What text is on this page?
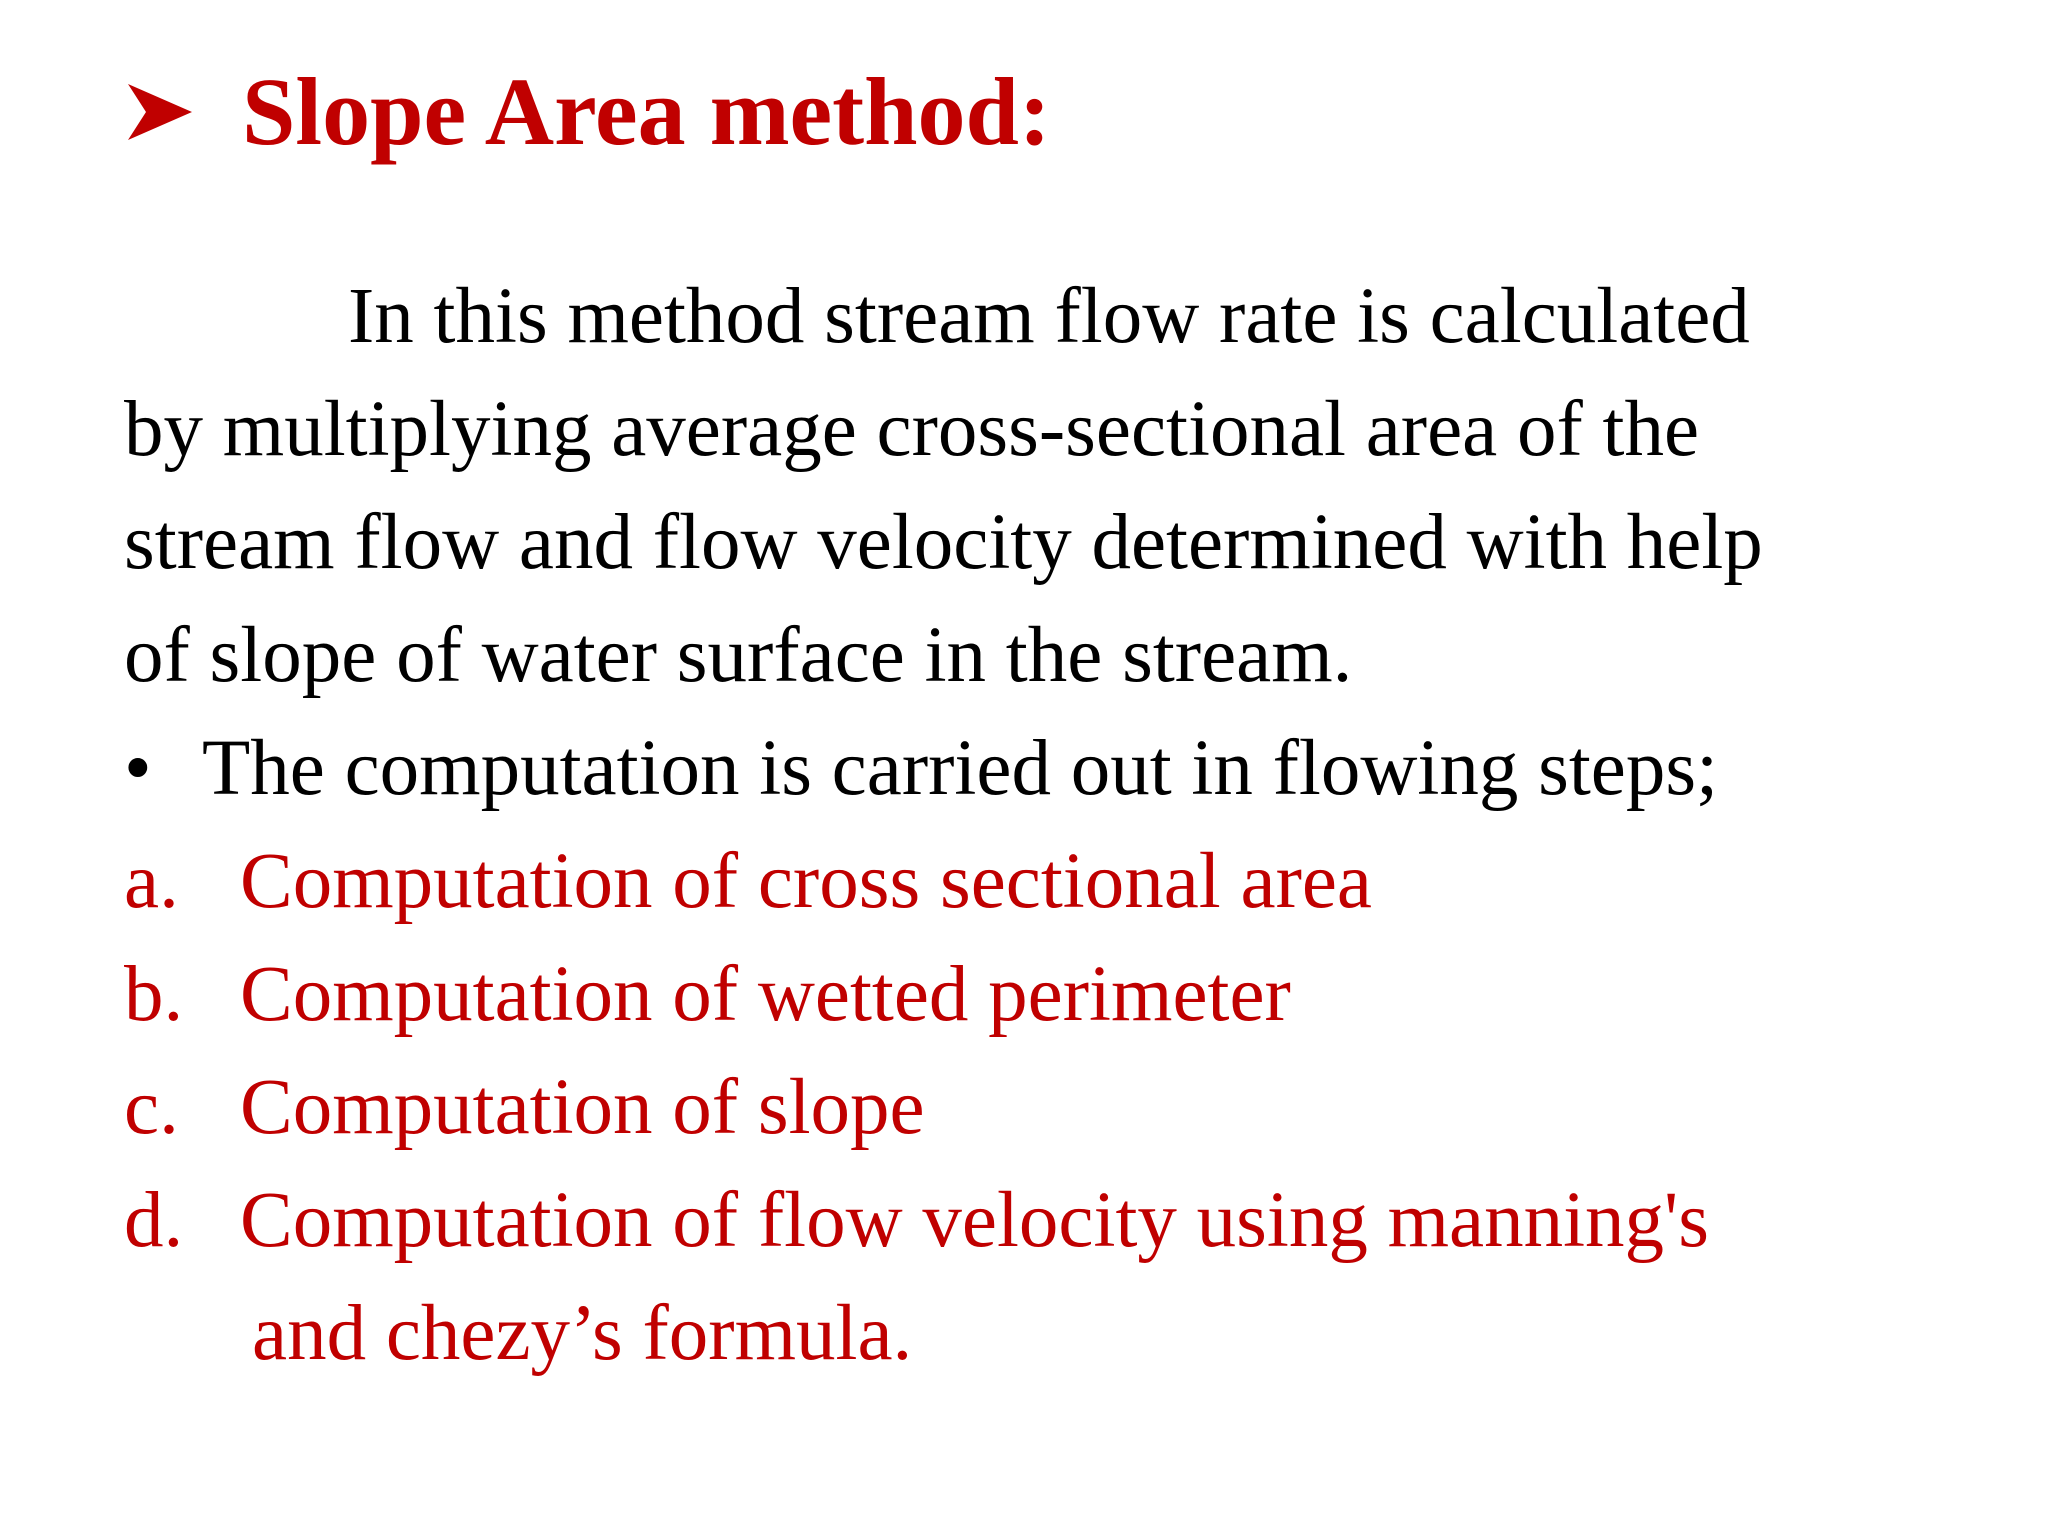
Slope Area method:
In this method stream flow rate is calculated
by multiplying average cross-sectional area of the
stream flow and flow velocity determined with help
of slope of water surface in the stream.
• The computation is carried out in flowing steps;
a. Computation of cross sectional area
b. Computation of wetted perimeter
c. Computation of slope
d. Computation of flow velocity using manning's
and chezy’s formula.
